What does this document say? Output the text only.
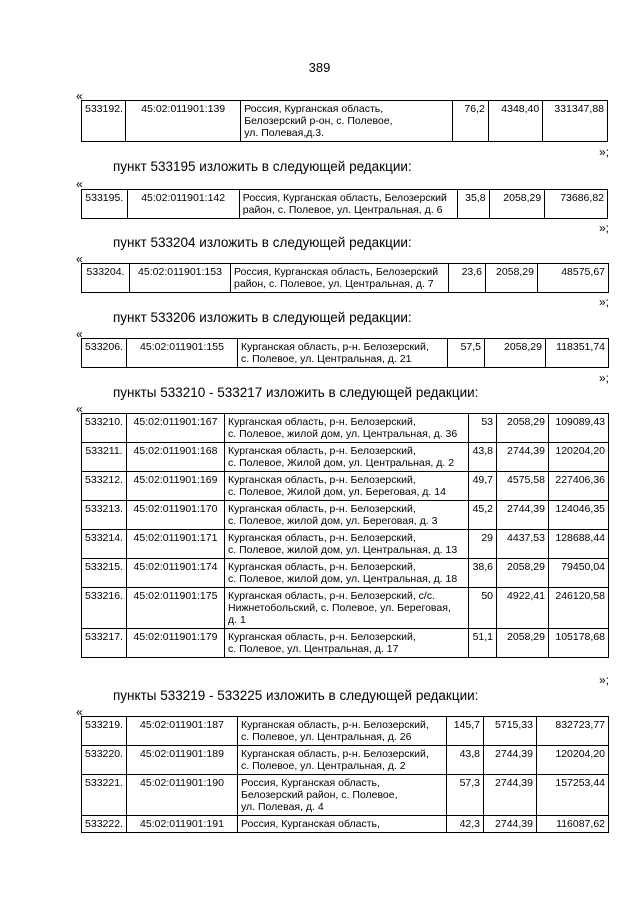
389
«
533192.	45:02:011901:139	Россия, Курганская область,
Белозерский р-он, с. Полевое,
ул. Полевая,д.3.	76,2	4348,40	331347,88
»;
пункт 533195 изложить в следующей редакции:
«
533195.	45:02:011901:142	Россия, Курганская область, Белозерский
район, с. Полевое, ул. Центральная, д. 6	35,8	2058,29	73686,82
»;
пункт 533204 изложить в следующей редакции:
«
533204.	45:02:011901:153	Россия, Курганская область, Белозерский
район, с. Полевое, ул. Центральная, д. 7	23,6	2058,29	48575,67
»;
пункт 533206 изложить в следующей редакции:
«
533206.	45:02:011901:155	Курганская область, р-н. Белозерский,
с. Полевое, ул. Центральная, д. 21	57,5	2058,29	118351,74
»;
пункты 533210 - 533217 изложить в следующей редакции:
«
533210.	45:02:011901:167	Курганская область, р-н. Белозерский,
с. Полевое, жилой дом, ул. Центральная, д. 36	53	2058,29	109089,43
533211.	45:02:011901:168	Курганская область, р-н. Белозерский,
с. Полевое, Жилой дом, ул. Центральная, д. 2	43,8	2744,39	120204,20
533212.	45:02:011901:169	Курганская область, р-н. Белозерский,
с. Полевое, Жилой дом, ул. Береговая, д. 14	49,7	4575,58	227406,36
533213.	45:02:011901:170	Курганская область, р-н. Белозерский,
с. Полевое, жилой дом, ул. Береговая, д. 3	45,2	2744,39	124046,35
533214.	45:02:011901:171	Курганская область, р-н. Белозерский,
с. Полевое, жилой дом, ул. Центральная, д. 13	29	4437,53	128688,44
533215.	45:02:011901:174	Курганская область, р-н. Белозерский,
с. Полевое, жилой дом, ул. Центральная, д. 18	38,6	2058,29	79450,04
533216.	45:02:011901:175	Курганская область, р-н. Белозерский, с/с.
Нижнетобольский, с. Полевое, ул. Береговая,
д. 1	50	4922,41	246120,58
533217.	45:02:011901:179	Курганская область, р-н. Белозерский,
с. Полевое, ул. Центральная, д. 17	51,1	2058,29	105178,68
»;
пункты 533219 - 533225 изложить в следующей редакции:
«
533219.	45:02:011901:187	Курганская область, р-н. Белозерский,
с. Полевое, ул. Центральная, д. 26	145,7	5715,33	832723,77
533220.	45:02:011901:189	Курганская область, р-н. Белозерский,
с. Полевое, ул. Центральная, д. 2	43,8	2744,39	120204,20
533221.	45:02:011901:190	Россия, Курганская область,
Белозерский район, с. Полевое,
ул. Полевая, д. 4	57,3	2744,39	157253,44
533222.	45:02:011901:191	Россия, Курганская область,	42,3	2744,39	116087,62
